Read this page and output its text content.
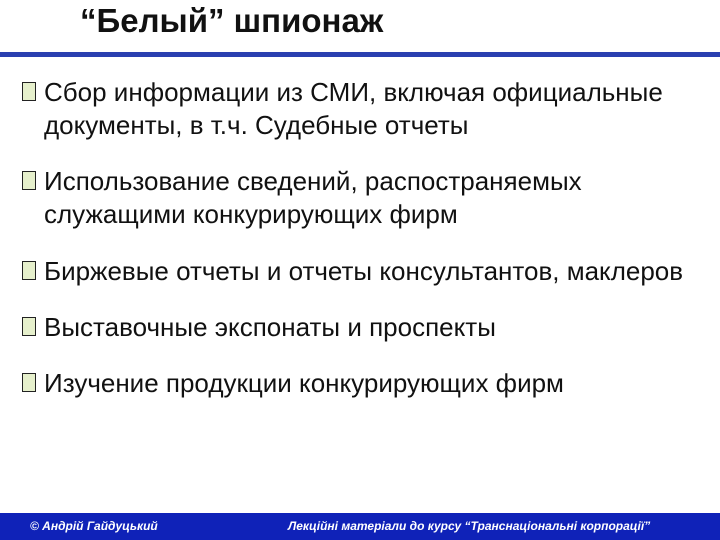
“Белый” шпионаж
Сбор информации из СМИ, включая официальные документы, в т.ч. Судебные отчеты
Использование сведений, распостраняемых служащими конкурирующих фирм
Биржевые отчеты и отчеты консультантов, маклеров
Выставочные экспонаты и проспекты
Изучение продукции конкурирующих фирм
© Андрій Гайдуцький	Лекційні матеріали до курсу “Транснаціональні корпорації”
